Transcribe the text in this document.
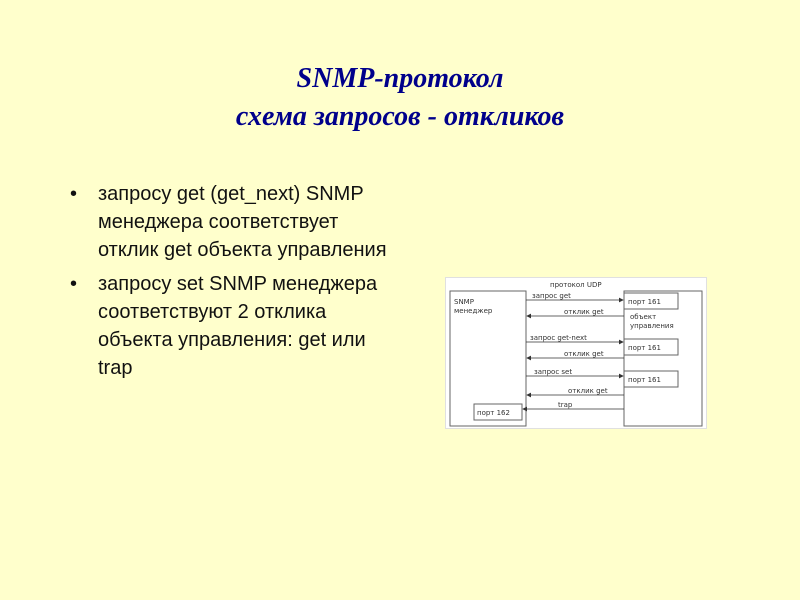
SNMP-протокол
схема запросов - откликов
• запросу get (get_next) SNMP менеджера соответствует отклик get объекта управления
• запросу set SNMP менеджера соответствуют 2 отклика объекта управления: get или trap
протокол UDP
SNMP
менеджер
порт 162
порт 161
объект
управления
порт 161
порт 161
запрос get
отклик get
запрос get-next
отклик get
запрос set
отклик get
trap
